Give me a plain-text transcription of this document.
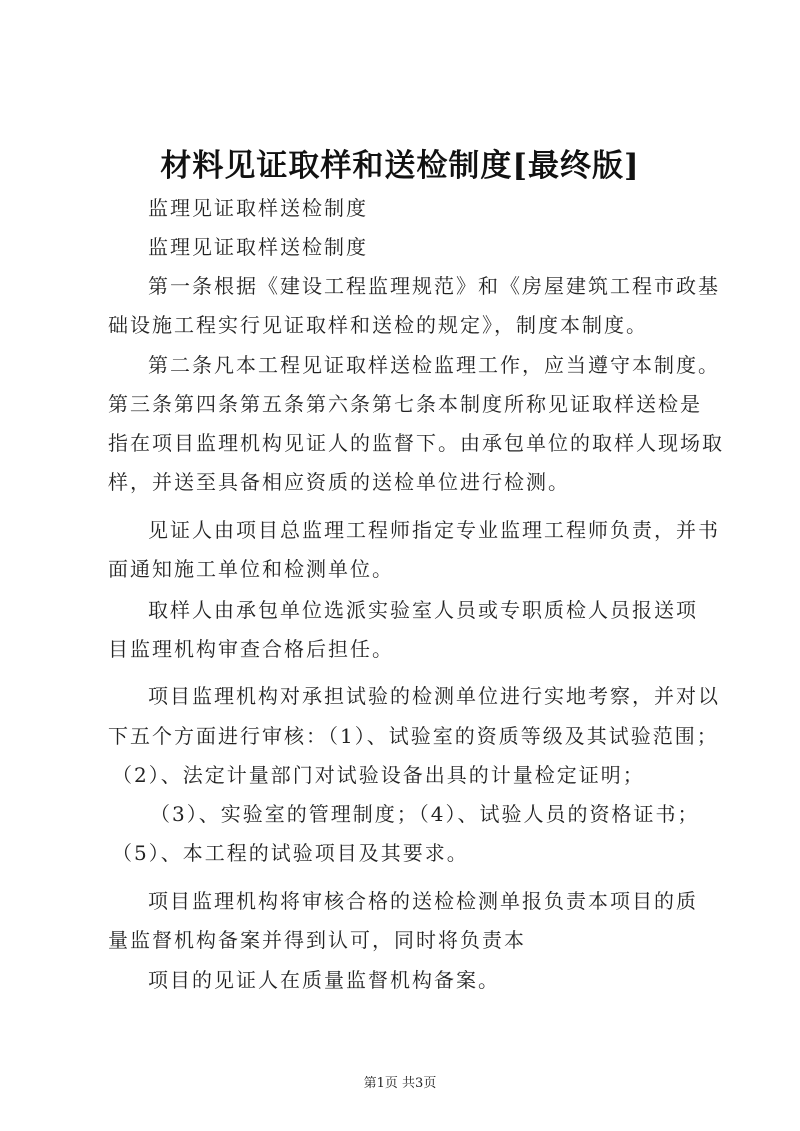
材料见证取样和送检制度[最终版]
监理见证取样送检制度
监理见证取样送检制度
第一条根据《建设工程监理规范》和《房屋建筑工程市政基
础设施工程实行见证取样和送检的规定》，制度本制度。
第二条凡本工程见证取样送检监理工作，应当遵守本制度。
第三条第四条第五条第六条第七条本制度所称见证取样送检是
指在项目监理机构见证人的监督下。由承包单位的取样人现场取
样，并送至具备相应资质的送检单位进行检测。
见证人由项目总监理工程师指定专业监理工程师负责，并书
面通知施工单位和检测单位。
取样人由承包单位选派实验室人员或专职质检人员报送项
目监理机构审查合格后担任。
项目监理机构对承担试验的检测单位进行实地考察，并对以
下五个方面进行审核：（1）、试验室的资质等级及其试验范围；
（2）、法定计量部门对试验设备出具的计量检定证明；
（3）、实验室的管理制度；（4）、试验人员的资格证书；
（5）、本工程的试验项目及其要求。
项目监理机构将审核合格的送检检测单报负责本项目的质
量监督机构备案并得到认可，同时将负责本
项目的见证人在质量监督机构备案。
第1页 共3页
